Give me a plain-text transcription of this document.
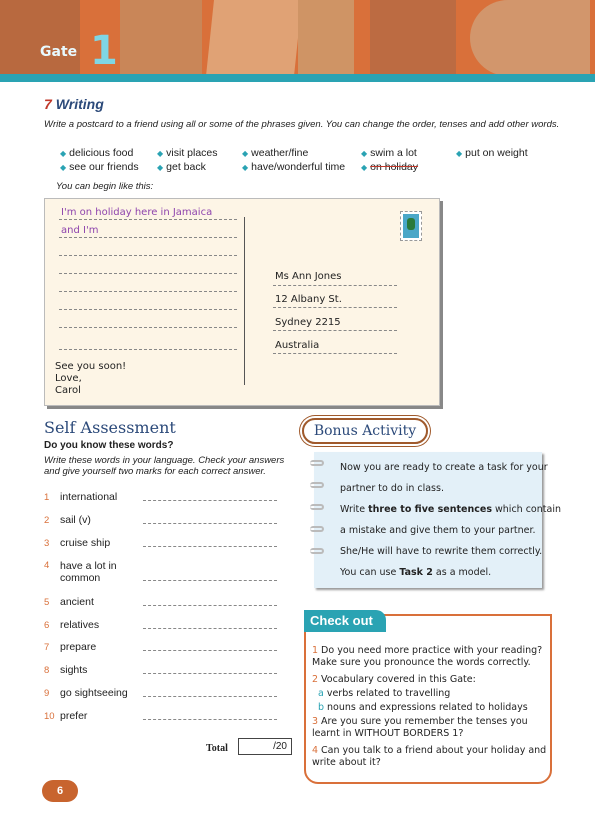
Gate 1
7 Writing
Write a postcard to a friend using all or some of the phrases given. You can change the order, tenses and add other words.
◆ delicious food	◆ visit places	◆ weather/fine	◆ swim a lot	◆ put on weight
◆ see our friends ◆ get back	◆ have/wonderful time ◆ on holiday
You can begin like this:
I'm on holiday here in Jamaica
and I'm
Ms Ann Jones
12 Albany St.
Sydney 2215
Australia
See you soon!
Love,
Carol
Self Assessment
Do you know these words?
Write these words in your language. Check your answers and give yourself two marks for each correct answer.
1 international
2 sail (v)
3 cruise ship
4 have a lot in common
5 ancient
6 relatives
7 prepare
8 sights
9 go sightseeing
10 prefer
Total	/20
Bonus Activity
Now you are ready to create a task for your
partner to do in class.
Write three to five sentences which contain
a mistake and give them to your partner.
She/He will have to rewrite them correctly.
You can use Task 2 as a model.
Check out
1 Do you need more practice with your reading? Make sure you pronounce the words correctly.
2 Vocabulary covered in this Gate:
a verbs related to travelling
b nouns and expressions related to holidays
3 Are you sure you remember the tenses you learnt in WITHOUT BORDERS 1?
4 Can you talk to a friend about your holiday and write about it?
6
